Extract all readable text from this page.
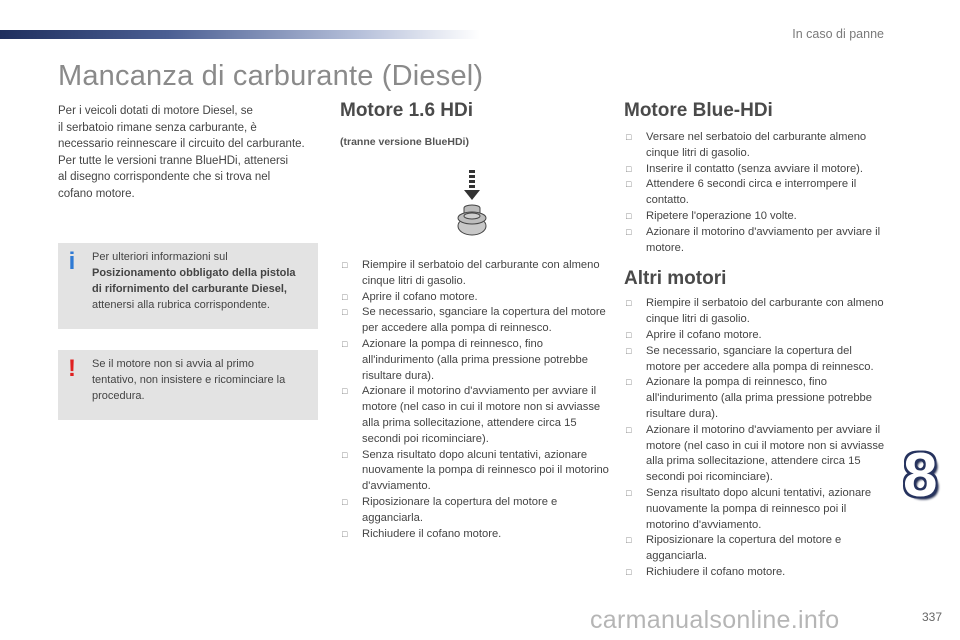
In caso di panne
Mancanza di carburante (Diesel)

Per i veicoli dotati di motore Diesel, se

il serbatoio rimane senza carburante, è

necessario reinnescare il circuito del carburante.

Per tutte le versioni tranne BlueHDi, attenersi

al disegno corrispondente che si trova nel

cofano motore.

i Per ulteriori informazioni sul
Posizionamento obbligato della pistola
di rifornimento del carburante Diesel,
attenersi alla rubrica corrispondente.
! Se il motore non si avvia al primo
tentativo, non insistere e ricominciare la
procedura.
Motore 1.6 HDi
(tranne versione BlueHDi)
□ Riempire il serbatoio del carburante con almeno cinque litri di gasolio.
□ Aprire il cofano motore.
□ Se necessario, sganciare la copertura del motore per accedere alla pompa di reinnesco.
□ Azionare la pompa di reinnesco, fino all'indurimento (alla prima pressione potrebbe risultare dura).
□ Azionare il motorino d'avviamento per avviare il motore (nel caso in cui il motore non si avviasse alla prima sollecitazione, attendere circa 15 secondi poi ricominciare).
□ Senza risultato dopo alcuni tentativi, azionare nuovamente la pompa di reinnesco poi il motorino d'avviamento.
□ Riposizionare la copertura del motore e agganciarla.
□ Richiudere il cofano motore.
Motore Blue-HDi
□ Versare nel serbatoio del carburante almeno cinque litri di gasolio.
□ Inserire il contatto (senza avviare il motore).
□ Attendere 6 secondi circa e interrompere il contatto.
□ Ripetere l'operazione 10 volte.
□ Azionare il motorino d'avviamento per avviare il motore.
Altri motori
□ Riempire il serbatoio del carburante con almeno cinque litri di gasolio.
□ Aprire il cofano motore.
□ Se necessario, sganciare la copertura del motore per accedere alla pompa di reinnesco.
□ Azionare la pompa di reinnesco, fino all'indurimento (alla prima pressione potrebbe risultare dura).
□ Azionare il motorino d'avviamento per avviare il motore (nel caso in cui il motore non si avviasse alla prima sollecitazione, attendere circa 15 secondi poi ricominciare).
□ Senza risultato dopo alcuni tentativi, azionare nuovamente la pompa di reinnesco poi il motorino d'avviamento.
□ Riposizionare la copertura del motore e agganciarla.
□ Richiudere il cofano motore.
8
carmanualsonline.info	337
